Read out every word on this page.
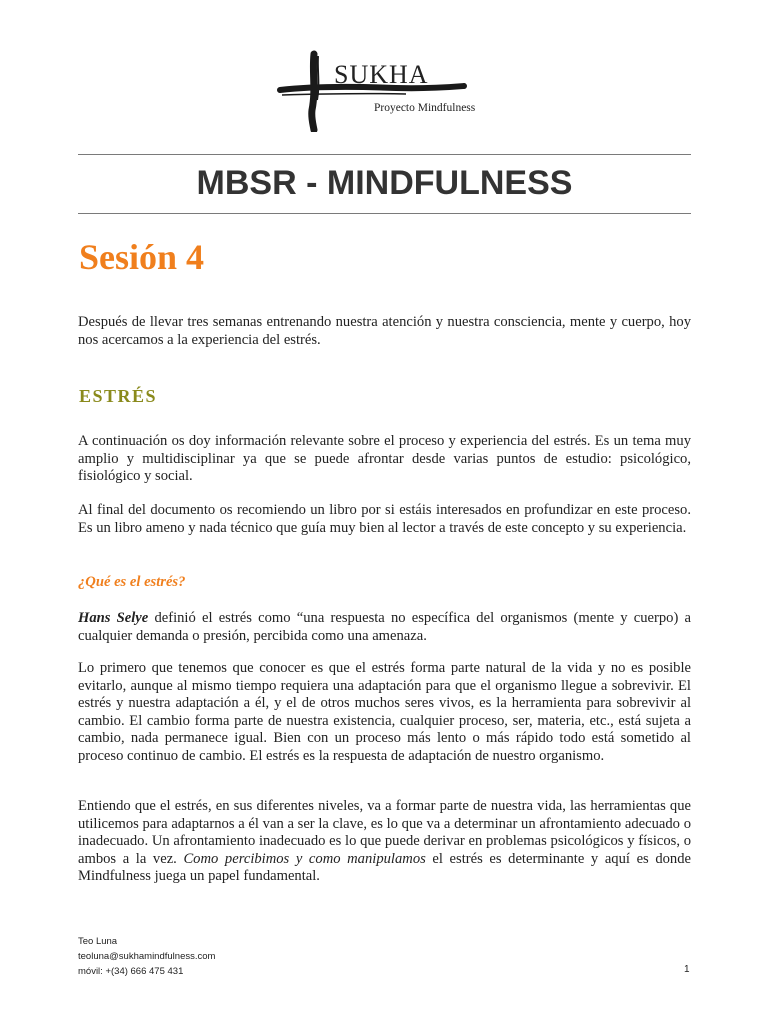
SUKHA
Proyecto Mindfulness
MBSR - MINDFULNESS
Sesión 4

Después de llevar tres semanas entrenando nuestra atención y nuestra consciencia, mente y cuerpo, hoy nos acercamos a la experiencia del estrés.

ESTRÉS

A continuación os doy información relevante sobre el proceso y experiencia del estrés. Es un tema muy amplio y multidisciplinar ya que se puede afrontar desde varias puntos de estudio: psicológico, fisiológico y social.

Al final del documento os recomiendo un libro por si estáis interesados en profundizar en este proceso. Es un libro ameno y nada técnico que guía muy bien al lector a través de este concepto y su experiencia.

¿Qué es el estrés?

Hans Selye definió el estrés como “una respuesta no específica del organismos (mente y cuerpo) a cualquier demanda o presión, percibida como una amenaza.

Lo primero que tenemos que conocer es que el estrés forma parte natural de la vida y no es posible evitarlo, aunque al mismo tiempo requiera una adaptación para que el organismo llegue a sobrevivir. El estrés y nuestra adaptación a él, y el de otros muchos seres vivos, es la herramienta para sobrevivir al cambio. El cambio forma parte de nuestra existencia, cualquier proceso, ser, materia, etc., está sujeta a cambio, nada permanece igual. Bien con un proceso más lento o más rápido todo está sometido al proceso continuo de cambio. El estrés es la respuesta de adaptación de nuestro organismo.

Entiendo que el estrés, en sus diferentes niveles, va a formar parte de nuestra vida, las herramientas que utilicemos para adaptarnos a él van a ser la clave, es lo que va a determinar un afrontamiento adecuado o inadecuado. Un afrontamiento inadecuado es lo que puede derivar en problemas psicológicos y físicos, o ambos a la vez. Como percibimos y como manipulamos el estrés es determinante y aquí es donde Mindfulness juega un papel fundamental.

Teo Luna
teoluna@sukhamindfulness.com
móvil: +(34) 666 475 431	1
